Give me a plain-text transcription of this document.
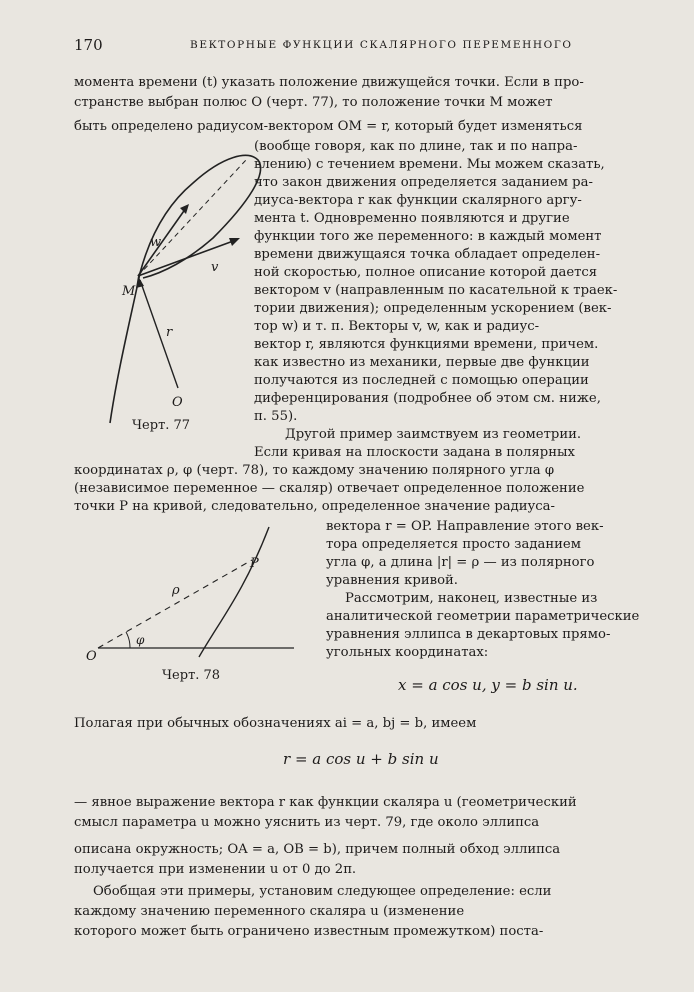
170	ВЕКТОРНЫЕ ФУНКЦИИ СКАЛЯРНОГО ПЕРЕМЕННОГО
момента времени (t) указать положение движущейся точки. Если в про-
странстве выбран полюс O (черт. 77), то положение точки M может
быть определено радиусом-вектором OM = r, который будет изменяться
(вообще говоря, как по длине, так и по напра-
влению) с течением времени. Мы можем сказать,
что закон движения определяется заданием ра-
диуса-вектора r как функции скалярного аргу-
мента t. Одновременно появляются и другие
функции того же переменного: в каждый момент
времени движущаяся точка обладает определен-
ной скоростью, полное описание которой дается
вектором v (направленным по касательной к траек-
тории движения); определенным ускорением (век-
тор w) и т. п. Векторы v, w, как и радиус-
вектор r, являются функциями времени, причем.
как известно из механики, первые две функции
получаются из последней с помощью операции
диференцирования (подробнее об этом см. ниже,
п. 55).
Другой пример заимствуем из геометрии.
Если кривая на плоскости задана в полярных
w
v
M
r
O
Черт. 77
координатах ρ, φ (черт. 78), то каждому значению полярного угла φ
(независимое переменное — скаляр) отвечает определенное положение
точки P на кривой, следовательно, определенное значение радиуса-
P
ρ
φ
O
Черт. 78
вектора r = OP. Направление этого век-
тора определяется просто заданием
угла φ, а длина |r| = ρ — из полярного
уравнения кривой.
Рассмотрим, наконец, известные из
аналитической геометрии параметрические
уравнения эллипса в декартовых прямо-
угольных координатах:
x = a cos u, y = b sin u.
Полагая при обычных обозначениях ai = a, bj = b, имеем
r = a cos u + b sin u
— явное выражение вектора r как функции скаляра u (геометрический
смысл параметра u можно уяснить из черт. 79, где около эллипса
описана окружность; OA = a, OB = b), причем полный обход эллипса
получается при изменении u от 0 до 2π.
Обобщая эти примеры, установим следующее определение: если
каждому значению переменного скаляра u (изменение
которого может быть ограничено известным промежутком) поста-
